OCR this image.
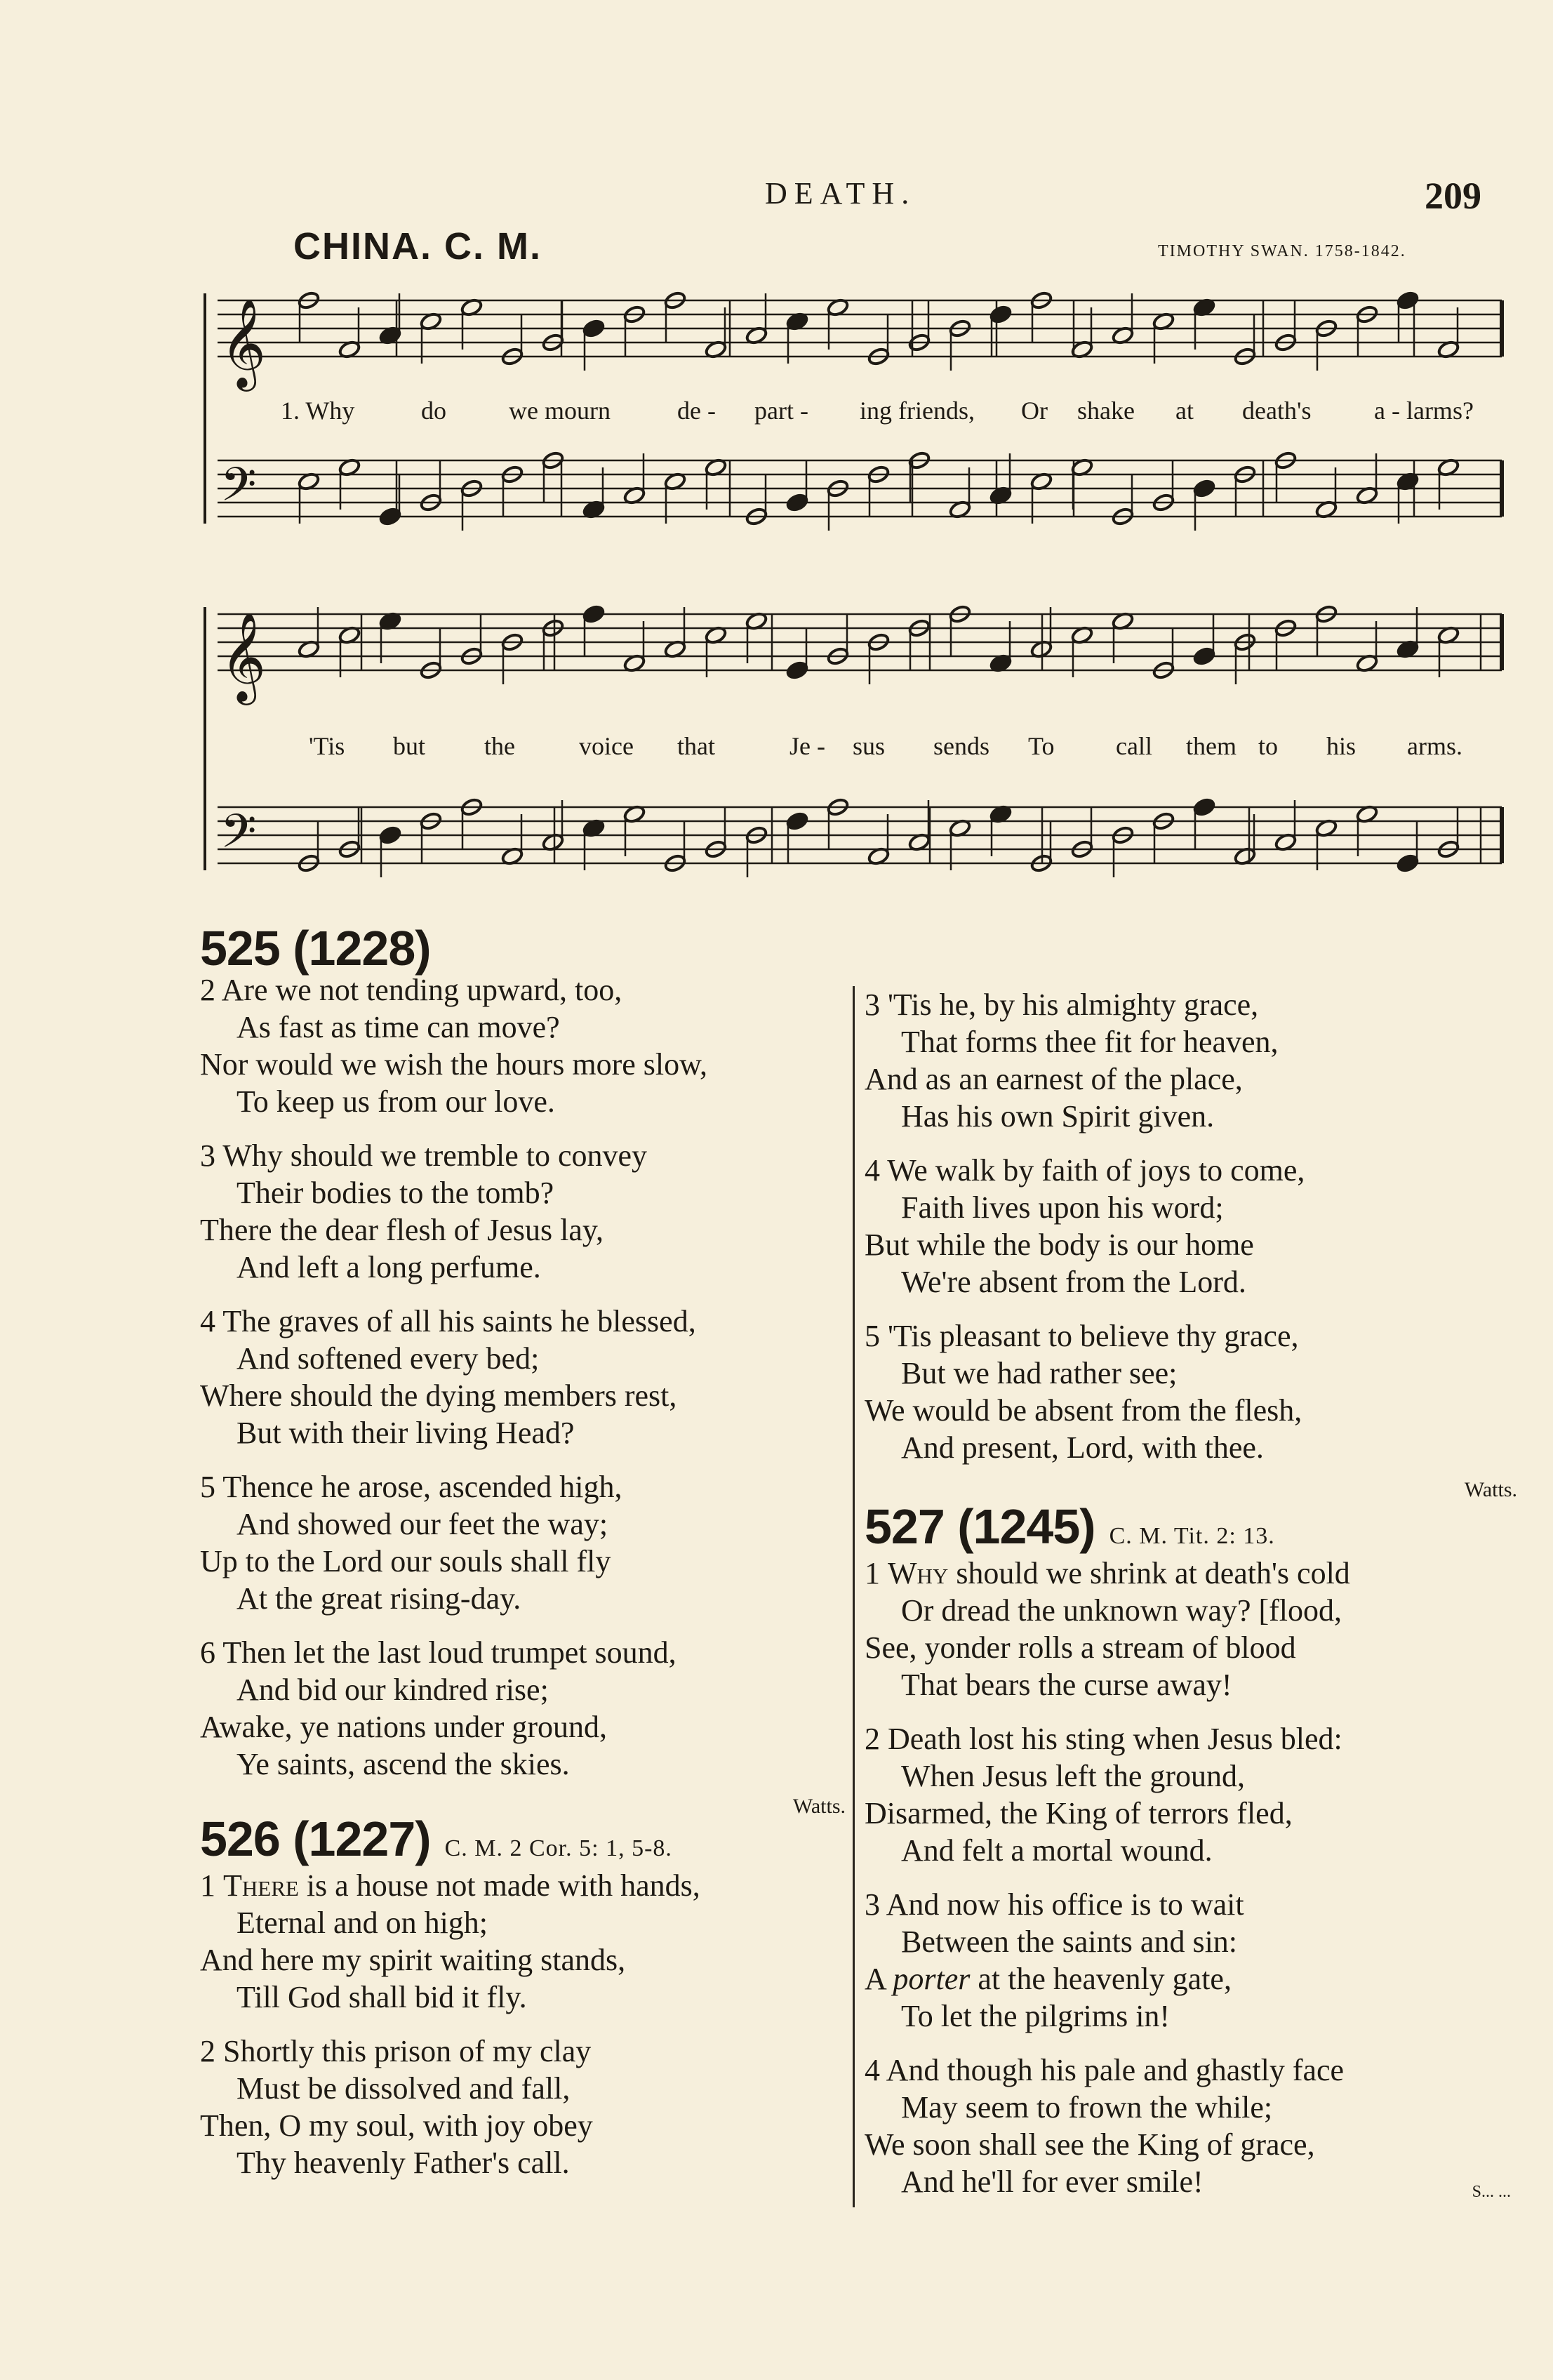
DEATH.	209
CHINA. C. M.	TIMOTHY SWAN. 1758-1842.
𝄞
𝄢
𝄞
𝄢
1. Why	do we mourn	de - part - ing friends, Or shake at death's a - larms?
'Tis but the	voice that	Je - sus sends To call them to his arms.
525 (1228)
2 Are we not tending upward, too,
As fast as time can move?
Nor would we wish the hours more slow,
To keep us from our love.
3 Why should we tremble to convey
Their bodies to the tomb?
There the dear flesh of Jesus lay,
And left a long perfume.
4 The graves of all his saints he blessed,
And softened every bed;
Where should the dying members rest,
But with their living Head?
5 Thence he arose, ascended high,
And showed our feet the way;
Up to the Lord our souls shall fly
At the great rising-day.
6 Then let the last loud trumpet sound,
And bid our kindred rise;
Awake, ye nations under ground,
Ye saints, ascend the skies.
Watts.
526 (1227) C. M. 2 Cor. 5: 1, 5-8.
1 There is a house not made with hands,
Eternal and on high;
And here my spirit waiting stands,
Till God shall bid it fly.
2 Shortly this prison of my clay
Must be dissolved and fall,
Then, O my soul, with joy obey
Thy heavenly Father's call.
3 'Tis he, by his almighty grace,
That forms thee fit for heaven,
And as an earnest of the place,
Has his own Spirit given.
4 We walk by faith of joys to come,
Faith lives upon his word;
But while the body is our home
We're absent from the Lord.
5 'Tis pleasant to believe thy grace,
But we had rather see;
We would be absent from the flesh,
And present, Lord, with thee.
Watts.
527 (1245) C. M. Tit. 2: 13.
1 Why should we shrink at death's cold
Or dread the unknown way? [flood,
See, yonder rolls a stream of blood
That bears the curse away!
2 Death lost his sting when Jesus bled:
When Jesus left the ground,
Disarmed, the King of terrors fled,
And felt a mortal wound.
3 And now his office is to wait
Between the saints and sin:
A porter at the heavenly gate,
To let the pilgrims in!
4 And though his pale and ghastly face
May seem to frown the while;
We soon shall see the King of grace,
And he'll for ever smile!	S... ...
